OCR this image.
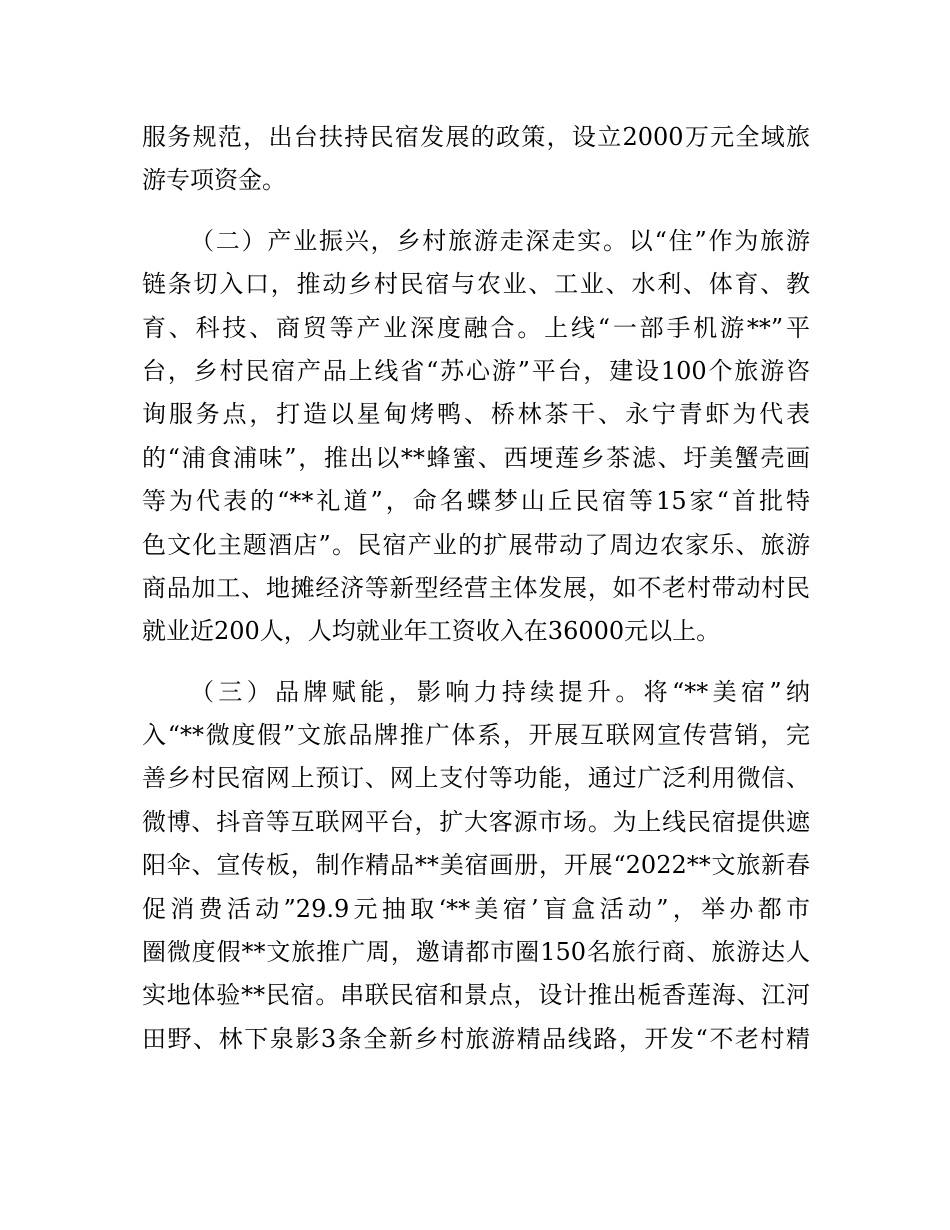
服务规范，出台扶持民宿发展的政策，设立2000万元全域旅
游专项资金。
（二）产业振兴，乡村旅游走深走实。以“住”作为旅游
链条切入口，推动乡村民宿与农业、工业、水利、体育、教
育、科技、商贸等产业深度融合。上线“一部手机游**”平
台，乡村民宿产品上线省“苏心游”平台，建设100个旅游咨
询服务点，打造以星甸烤鸭、桥林茶干、永宁青虾为代表
的“浦食浦味”，推出以**蜂蜜、西埂莲乡茶滤、圩美蟹壳画
等为代表的“**礼道”，命名蝶梦山丘民宿等15家“首批特
色文化主题酒店”。民宿产业的扩展带动了周边农家乐、旅游
商品加工、地摊经济等新型经营主体发展，如不老村带动村民
就业近200人，人均就业年工资收入在36000元以上。
（三）品牌赋能，影响力持续提升。将“**美宿”纳
入“**微度假”文旅品牌推广体系，开展互联网宣传营销，完
善乡村民宿网上预订、网上支付等功能，通过广泛利用微信、
微博、抖音等互联网平台，扩大客源市场。为上线民宿提供遮
阳伞、宣传板，制作精品**美宿画册，开展“2022**文旅新春
促消费活动”29.9元抽取‘**美宿’盲盒活动”，举办都市
圈微度假**文旅推广周，邀请都市圈150名旅行商、旅游达人
实地体验**民宿。串联民宿和景点，设计推出栀香莲海、江河
田野、林下泉影3条全新乡村旅游精品线路，开发“不老村精
